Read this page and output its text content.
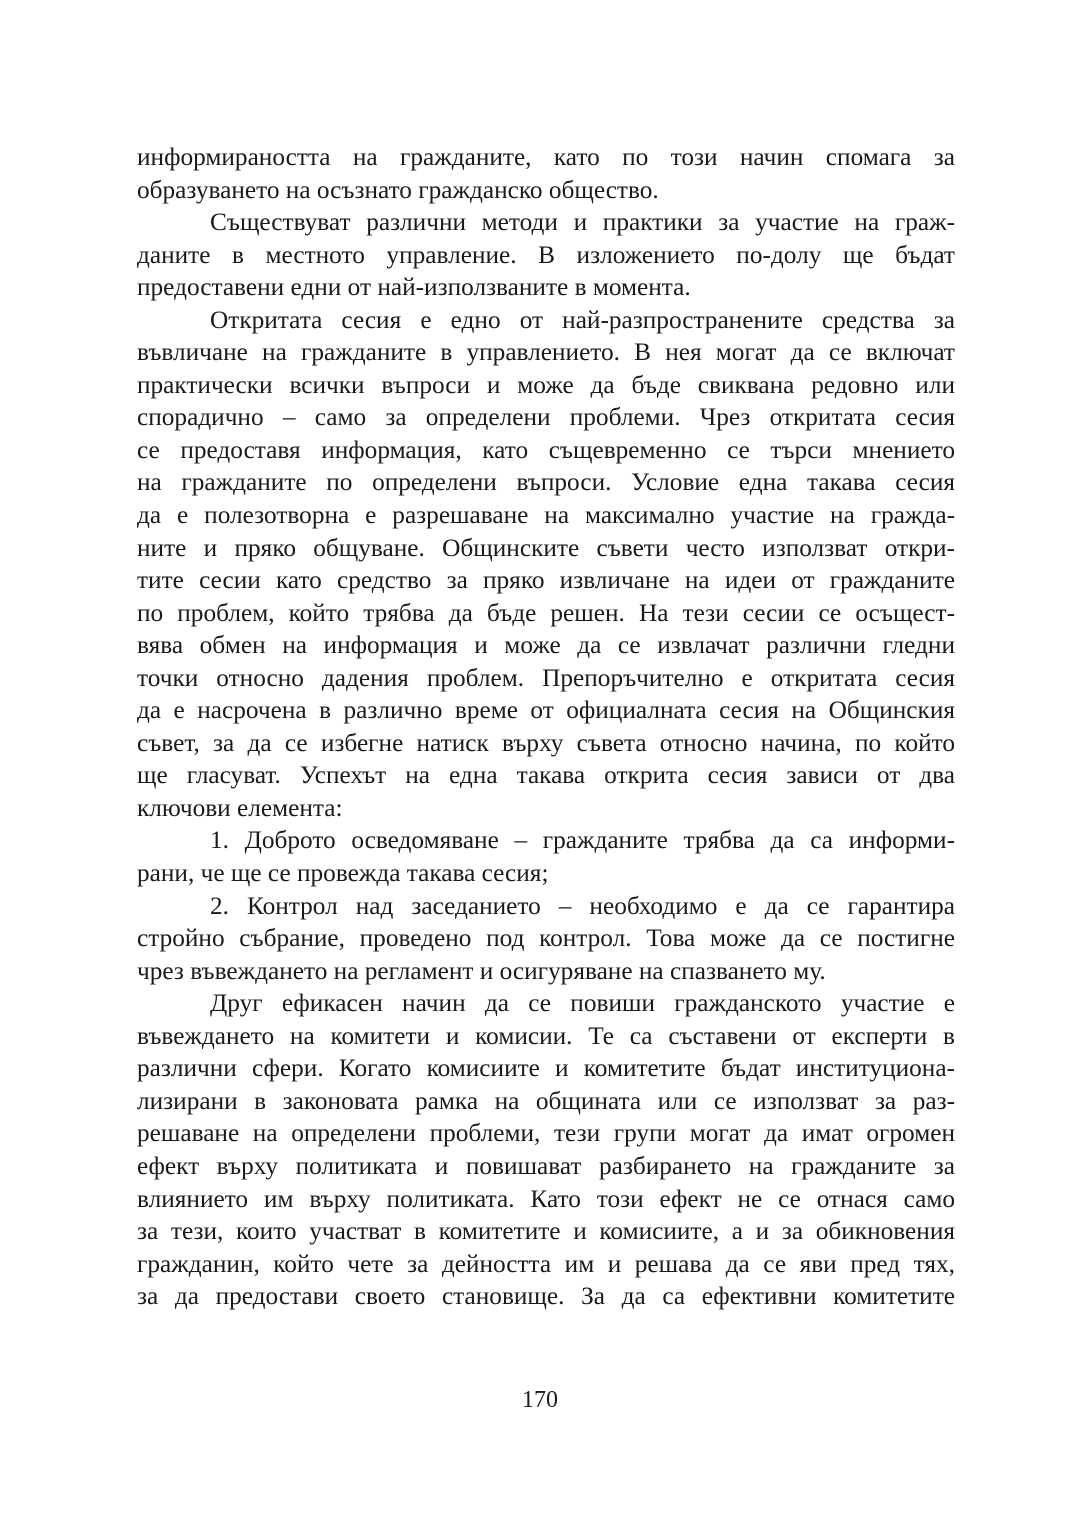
информираността на гражданите, като по този начин спомага за
образуването на осъзнато гражданско общество.
Съществуват различни методи и практики за участие на граж-
даните в местното управление. В изложението по-долу ще бъдат
предоставени едни от най-използваните в момента.
Откритата сесия е едно от най-разпространените средства за
въвличане на гражданите в управлението. В нея могат да се включат
практически всички въпроси и може да бъде свиквана редовно или
спорадично – само за определени проблеми. Чрез откритата сесия
се предоставя информация, като същевременно се търси мнението
на гражданите по определени въпроси. Условие една такава сесия
да е полезотворна е разрешаване на максимално участие на гражда-
ните и пряко общуване. Общинските съвети често използват откри-
тите сесии като средство за пряко извличане на идеи от гражданите
по проблем, който трябва да бъде решен. На тези сесии се осъщест-
вява обмен на информация и може да се извлачат различни гледни
точки относно дадения проблем. Препоръчително е откритата сесия
да е насрочена в различно време от официалната сесия на Общинския
съвет, за да се избегне натиск върху съвета относно начина, по който
ще гласуват. Успехът на една такава открита сесия зависи от два
ключови елемента:
1. Доброто осведомяване – гражданите трябва да са информи-
рани, че ще се провежда такава сесия;
2. Контрол над заседанието – необходимо е да се гарантира
стройно събрание, проведено под контрол. Това може да се постигне
чрез въвеждането на регламент и осигуряване на спазването му.
Друг ефикасен начин да се повиши гражданското участие е
въвеждането на комитети и комисии. Те са съставени от експерти в
различни сфери. Когато комисиите и комитетите бъдат институциона-
лизирани в законовата рамка на общината или се използват за раз-
решаване на определени проблеми, тези групи могат да имат огромен
ефект върху политиката и повишават разбирането на гражданите за
влиянието им върху политиката. Като този ефект не се отнася само
за тези, които участват в комитетите и комисиите, а и за обикновения
гражданин, който чете за дейността им и решава да се яви пред тях,
за да предостави своето становище. За да са ефективни комитетите
170
